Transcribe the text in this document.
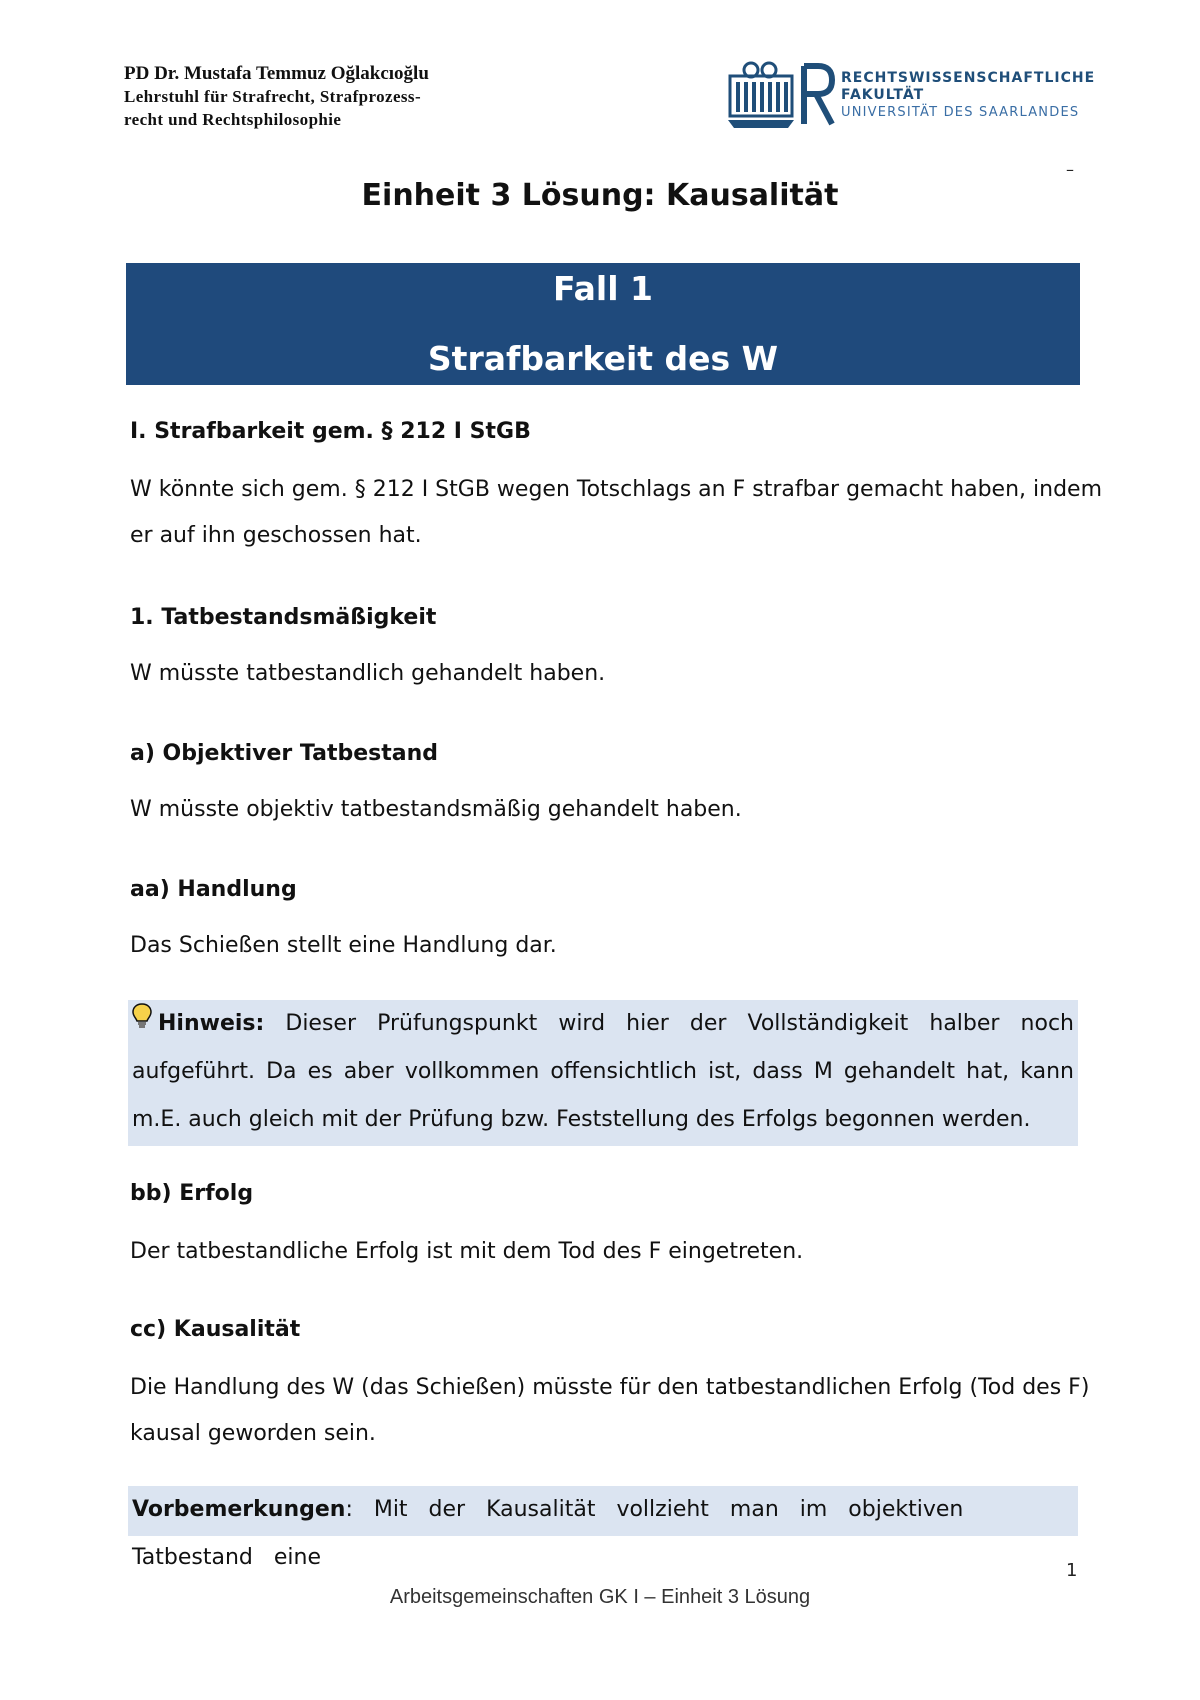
PD Dr. Mustafa Temmuz Oğlakcıoğlu
Lehrstuhl für Strafrecht, Strafprozess-
recht und Rechtsphilosophie
RECHTSWISSENSCHAFTLICHE
FAKULTÄT
UNIVERSITÄT DES SAARLANDES
–
Einheit 3 Lösung: Kausalität
Fall 1
Strafbarkeit des W
I. Strafbarkeit gem. § 212 I StGB
W könnte sich gem. § 212 I StGB wegen Totschlags an F strafbar gemacht haben, indem
er auf ihn geschossen hat.
1. Tatbestandsmäßigkeit
W müsste tatbestandlich gehandelt haben.
a) Objektiver Tatbestand
W müsste objektiv tatbestandsmäßig gehandelt haben.
aa) Handlung
Das Schießen stellt eine Handlung dar.
Hinweis: Dieser Prüfungspunkt wird hier der Vollständigkeit halber noch aufgeführt. Da es aber vollkommen offensichtlich ist, dass M gehandelt hat, kann m.E. auch gleich mit der Prüfung bzw. Feststellung des Erfolgs begonnen werden.
bb) Erfolg
Der tatbestandliche Erfolg ist mit dem Tod des F eingetreten.
cc) Kausalität
Die Handlung des W (das Schießen) müsste für den tatbestandlichen Erfolg (Tod des F)
kausal geworden sein.
Vorbemerkungen: Mit der Kausalität vollzieht man im objektiven Tatbestand eine
1
Arbeitsgemeinschaften GK I – Einheit 3 Lösung
